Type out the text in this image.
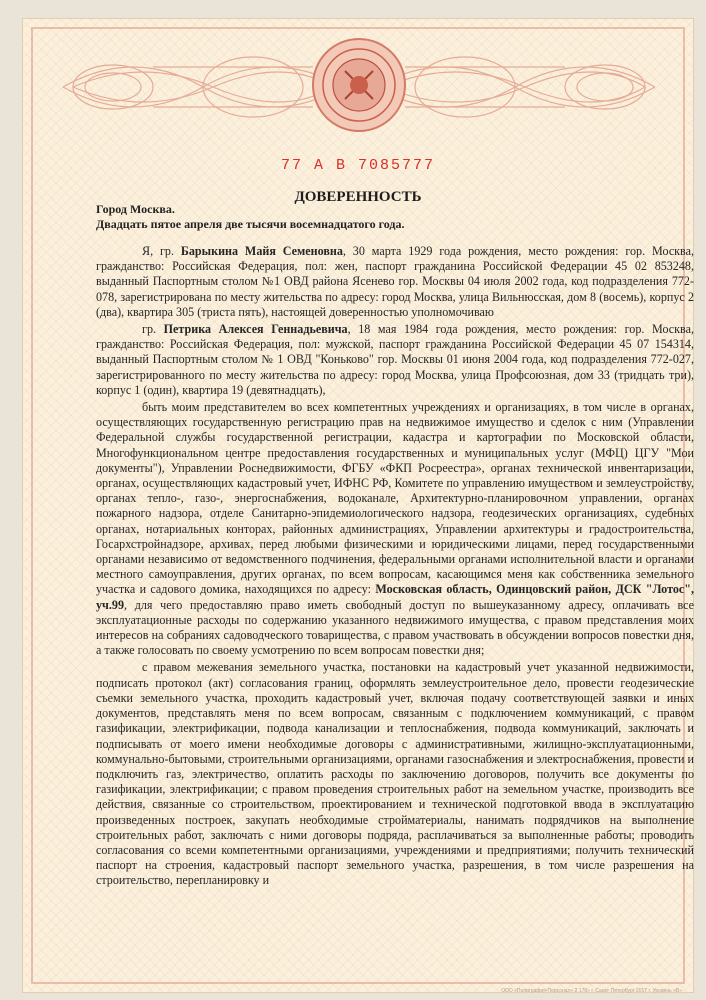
77 А В 7085777
ДОВЕРЕННОСТЬ
Город Москва.
Двадцать пятое апреля две тысячи восемнадцатого года.

Я, гр. Барыкина Майя Семеновна, 30 марта 1929 года рождения, место рождения: гор. Москва, гражданство: Российская Федерация, пол: жен, паспорт гражданина Российской Федерации 45 02 853248, выданный Паспортным столом №1 ОВД района Ясенево гор. Москвы 04 июля 2002 года, код подразделения 772-078, зарегистрирована по месту жительства по адресу: город Москва, улица Вильнюсская, дом 8 (восемь), корпус 2 (два), квартира 305 (триста пять), настоящей доверенностью уполномочиваю

гр. Петрика Алексея Геннадьевича, 18 мая 1984 года рождения, место рождения: гор. Москва, гражданство: Российская Федерация, пол: мужской, паспорт гражданина Российской Федерации 45 07 154314, выданный Паспортным столом № 1 ОВД "Коньково" гор. Москвы 01 июня 2004 года, код подразделения 772-027, зарегистрированного по месту жительства по адресу: город Москва, улица Профсоюзная, дом 33 (тридцать три), корпус 1 (один), квартира 19 (девятнадцать),

быть моим представителем во всех компетентных учреждениях и организациях, в том числе в органах, осуществляющих государственную регистрацию прав на недвижимое имущество и сделок с ним (Управлении Федеральной службы государственной регистрации, кадастра и картографии по Московской области, Многофункциональном центре предоставления государственных и муниципальных услуг (МФЦ) ЦГУ "Мои документы"), Управлении Роснедвижимости, ФГБУ «ФКП Росреестра», органах технической инвентаризации, органах, осуществляющих кадастровый учет, ИФНС РФ, Комитете по управлению имуществом и землеустройству, органах тепло-, газо-, энергоснабжения, водоканале, Архитектурно-планировочном управлении, органах пожарного надзора, отделе Санитарно-эпидемиологического надзора, геодезических организациях, судебных органах, нотариальных конторах, районных администрациях, Управлении архитектуры и градостроительства, Госархстройнадзоре, архивах, перед любыми физическими и юридическими лицами, перед государственными органами независимо от ведомственного подчинения, федеральными органами исполнительной власти и органами местного самоуправления, других органах, по всем вопросам, касающимся меня как собственника земельного участка и садового домика, находящихся по адресу: Московская область, Одинцовский район, ДСК "Лотос", уч.99, для чего предоставляю право иметь свободный доступ по вышеуказанному адресу, оплачивать все эксплуатационные расходы по содержанию указанного недвижимого имущества, с правом представления моих интересов на собраниях садоводческого товарищества, с правом участвовать в обсуждении вопросов повестки дня, а также голосовать по своему усмотрению по всем вопросам повестки дня;

с правом межевания земельного участка, постановки на кадастровый учет указанной недвижимости, подписать протокол (акт) согласования границ, оформлять землеустроительное дело, провести геодезические съемки земельного участка, проходить кадастровый учет, включая подачу соответствующей заявки и иных документов, представлять меня по всем вопросам, связанным с подключением коммуникаций, с правом газификации, электрификации, подвода канализации и теплоснабжения, подвода коммуникаций, заключать и подписывать от моего имени необходимые договоры с административными, жилищно-эксплуатационными, коммунально-бытовыми, строительными организациями, органами газоснабжения и электроснабжения, провести и подключить газ, электричество, оплатить расходы по заключению договоров, получить все документы по газификации, электрификации; с правом проведения строительных работ на земельном участке, производить все действия, связанные со строительством, проектированием и технической подготовкой ввода в эксплуатацию произведенных построек, закупать необходимые стройматериалы, нанимать подрядчиков на выполнение строительных работ, заключать с ними договоры подряда, расплачиваться за выполненные работы; проводить согласования со всеми компетентными организациями, учреждениями и предприятиями; получить технический паспорт на строения, кадастровый паспорт земельного участка, разрешения, в том числе разрешения на строительство, перепланировку и

ООО «Полиграфия-Персонал» 2 170» г. Санкт-Петербург 2017 г. Уровень «В»
